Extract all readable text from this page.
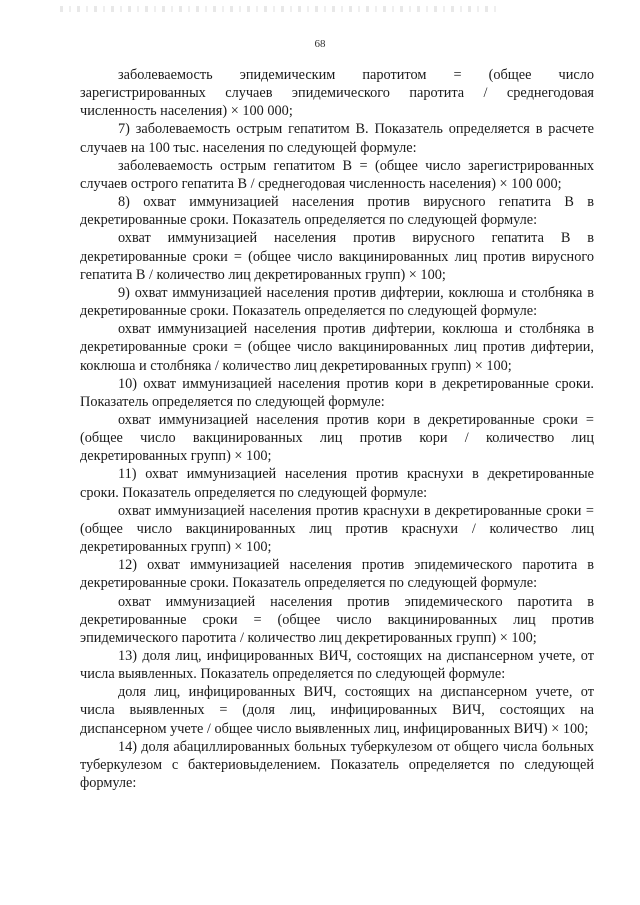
68

заболеваемость эпидемическим паротитом = (общее число зарегистрированных случаев эпидемического паротита / среднегодовая численность населения) × 100 000;

7) заболеваемость острым гепатитом В. Показатель определяется в расчете случаев на 100 тыс. населения по следующей формуле:

заболеваемость острым гепатитом В = (общее число зарегистрированных случаев острого гепатита В / среднегодовая численность населения) × 100 000;

8) охват иммунизацией населения против вирусного гепатита В в декретированные сроки. Показатель определяется по следующей формуле:

охват иммунизацией населения против вирусного гепатита В в декретированные сроки = (общее число вакцинированных лиц против вирусного гепатита В / количество лиц декретированных групп) × 100;

9) охват иммунизацией населения против дифтерии, коклюша и столбняка в декретированные сроки. Показатель определяется по следующей формуле:

охват иммунизацией населения против дифтерии, коклюша и столбняка в декретированные сроки = (общее число вакцинированных лиц против дифтерии, коклюша и столбняка / количество лиц декретированных групп) × 100;

10) охват иммунизацией населения против кори в декретированные сроки. Показатель определяется по следующей формуле:

охват иммунизацией населения против кори в декретированные сроки = (общее число вакцинированных лиц против кори / количество лиц декретированных групп) × 100;

11) охват иммунизацией населения против краснухи в декретированные сроки. Показатель определяется по следующей формуле:

охват иммунизацией населения против краснухи в декретированные сроки = (общее число вакцинированных лиц против краснухи / количество лиц декретированных групп) × 100;

12) охват иммунизацией населения против эпидемического паротита в декретированные сроки. Показатель определяется по следующей формуле:

охват иммунизацией населения против эпидемического паротита в декретированные сроки = (общее число вакцинированных лиц против эпидемического паротита / количество лиц декретированных групп) × 100;

13) доля лиц, инфицированных ВИЧ, состоящих на диспансерном учете, от числа выявленных. Показатель определяется по следующей формуле:

доля лиц, инфицированных ВИЧ, состоящих на диспансерном учете, от числа выявленных = (доля лиц, инфицированных ВИЧ, состоящих на диспансерном учете / общее число выявленных лиц, инфицированных ВИЧ) × 100;

14) доля абациллированных больных туберкулезом от общего числа больных туберкулезом с бактериовыделением. Показатель определяется по следующей формуле:
